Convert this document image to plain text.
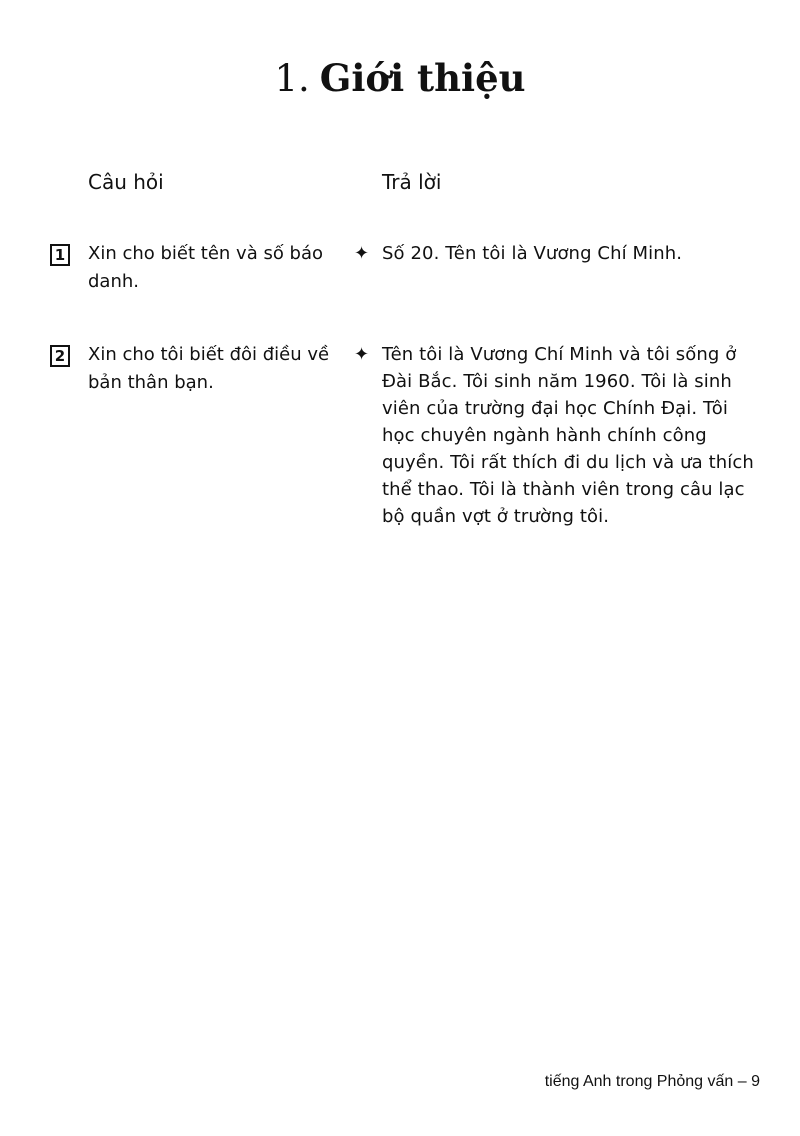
1. Giới thiệu
Câu hỏi	Trả lời
1 Xin cho biết tên và số báo danh.
✦ Số 20. Tên tôi là Vương Chí Minh.
2 Xin cho tôi biết đôi điều về bản thân bạn.
✦ Tên tôi là Vương Chí Minh và tôi sống ở Đài Bắc. Tôi sinh năm 1960. Tôi là sinh viên của trường đại học Chính Đại. Tôi học chuyên ngành hành chính công quyền. Tôi rất thích đi du lịch và ưa thích thể thao. Tôi là thành viên trong câu lạc bộ quần vợt ở trường tôi.
tiếng Anh trong Phỏng vấn – 9
